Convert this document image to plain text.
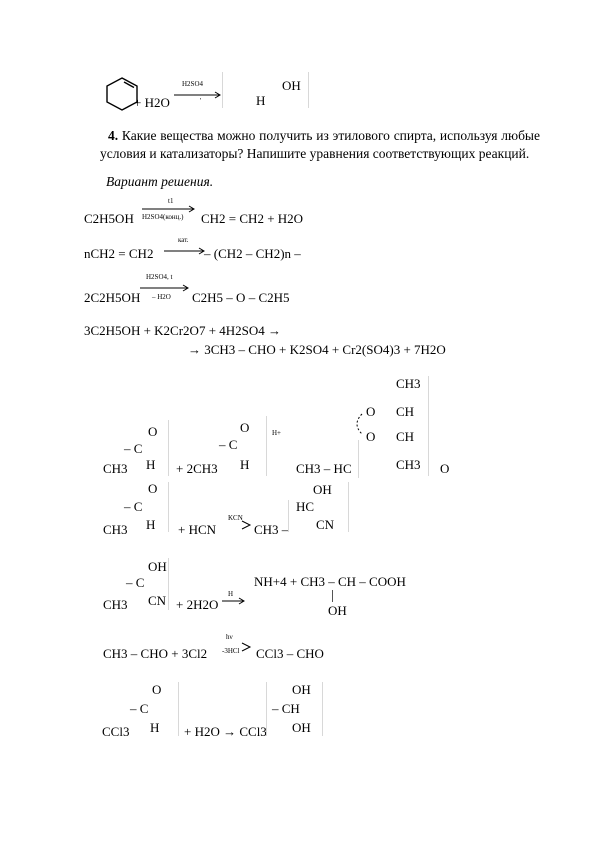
+ H2O
H2SO4
'	H
OH
4. Какие вещества можно получить из этилового спирта, используя любые условия и катализаторы? Напишите уравнения соответствующих реакций.
Вариант решения.
C2H5OH
t1
H2SO4(конц.) CH2 = CH2 + H2O
nCH2 = CH2
кат.
– (CH2 – CH2)n –
2C2H5OH
H2SO4, t
– H2O C2H5 – O – C2H5
3C2H5OH + K2Cr2O7 + 4H2SO4 →
→ 3CH3 – CHO + K2SO4 + Cr2(SO4)3 + 7H2O
O
– C
H
CH3	+ 2CH3
O
– C
H
H+
CH3 – HC
CH3
O CH
O CH
CH3 O
O
– C
H
CH3	+ HCN
KCN
CH3 –
OH
HC
CN
OH
– C
CN
CH3	+ 2H2O
H
NH+4 + CH3 – CH – COOH
OH
CH3 – CHO + 3Cl2
hν
-3HCl CCl3 – CHO
O
– C
H
CCl3	+ H2O → CCl3
OH
– CH
OH
